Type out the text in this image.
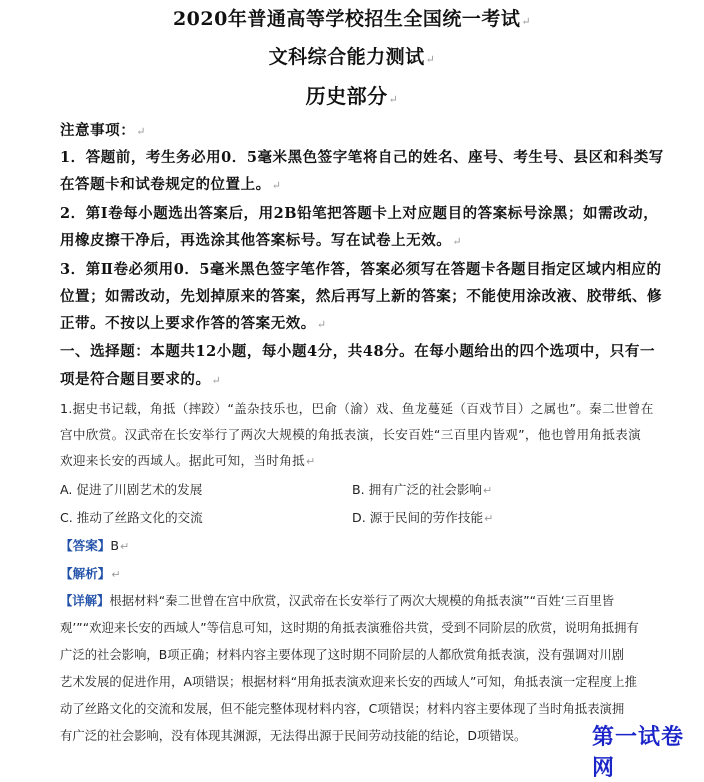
2020年普通高等学校招生全国统一考试↵
文科综合能力测试↵
历史部分↵
注意事项：↵
1．答题前，考生务必用0．5毫米黑色签字笔将自己的姓名、座号、考生号、县区和科类写
在答题卡和试卷规定的位置上。↵
2．第Ⅰ卷每小题选出答案后，用2B铅笔把答题卡上对应题目的答案标号涂黑；如需改动，
用橡皮擦干净后，再选涂其他答案标号。写在试卷上无效。↵
3．第Ⅱ卷必须用0．5毫米黑色签字笔作答，答案必须写在答题卡各题目指定区域内相应的
位置；如需改动，先划掉原来的答案，然后再写上新的答案；不能使用涂改液、胶带纸、修
正带。不按以上要求作答的答案无效。↵
一、选择题：本题共12小题，每小题4分，共48分。在每小题给出的四个选项中，只有一
项是符合题目要求的。↵
1.据史书记载，角抵（摔跤）“盖杂技乐也，巴俞（渝）戏、鱼龙蔓延（百戏节目）之属也”。秦二世曾在
宫中欣赏。汉武帝在长安举行了两次大规模的角抵表演，长安百姓“三百里内皆观”，他也曾用角抵表演
欢迎来长安的西域人。据此可知，当时角抵↵
A. 促进了川剧艺术的发展	B. 拥有广泛的社会影响↵
C. 推动了丝路文化的交流	D. 源于民间的劳作技能↵
【答案】B↵
【解析】↵
【详解】根据材料“秦二世曾在宫中欣赏，汉武帝在长安举行了两次大规模的角抵表演”“百姓‘三百里皆
观’”“欢迎来长安的西域人”等信息可知，这时期的角抵表演雅俗共赏，受到不同阶层的欣赏，说明角抵拥有
广泛的社会影响，B项正确；材料内容主要体现了这时期不同阶层的人都欣赏角抵表演，没有强调对川剧
艺术发展的促进作用，A项错误；根据材料“用角抵表演欢迎来长安的西域人”可知，角抵表演一定程度上推
动了丝路文化的交流和发展，但不能完整体现材料内容，C项错误；材料内容主要体现了当时角抵表演拥
有广泛的社会影响，没有体现其渊源，无法得出源于民间劳动技能的结论，D项错误。	第一试卷网
